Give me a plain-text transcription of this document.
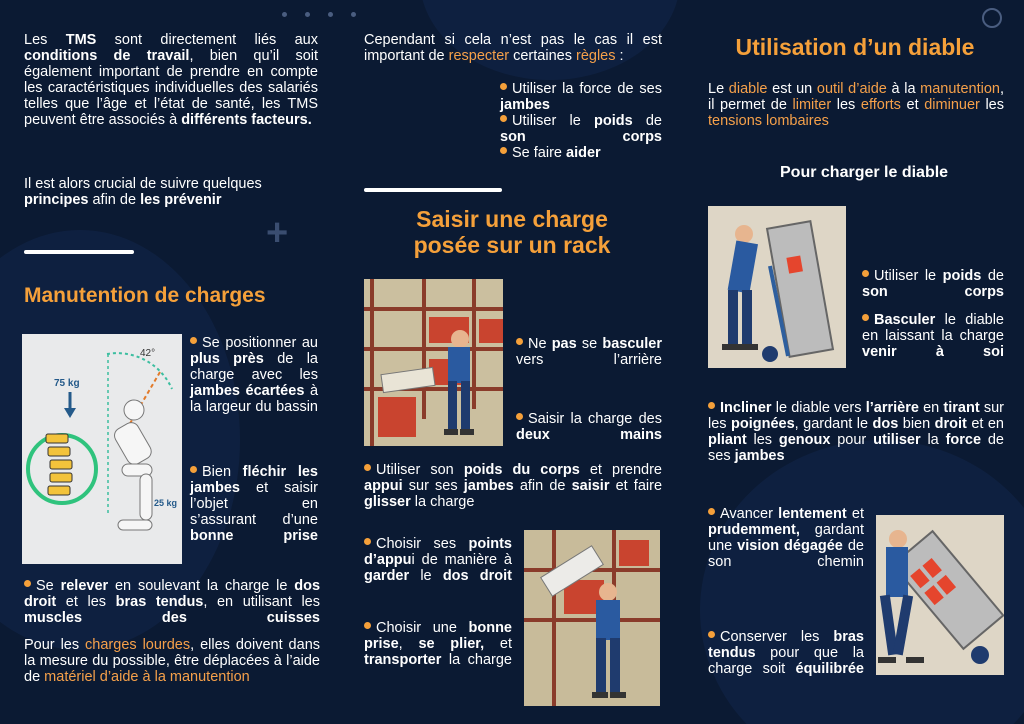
+
Les TMS sont directement liés aux conditions de travail, bien qu’il soit également important de prendre en compte les caractéristiques individuelles des salariés telles que l’âge et l’état de santé, les TMS peuvent être associés à différents facteurs.
Il est alors crucial de suivre quelques principes afin de les prévenir
Manutention de charges
42°
75 kg
25 kg
Se positionner au plus près de la charge avec les jambes écartées à la largeur du bassin
Bien fléchir les jambes et saisir l’objet en s’assurant d’une bonne prise
Se relever en soulevant la charge le dos droit et les bras tendus, en utilisant les muscles des cuisses
Pour les charges lourdes, elles doivent dans la mesure du possible, être déplacées à l’aide de matériel d’aide à la manutention
Cependant si cela n’est pas le cas il est important de respecter certaines règles :
Utiliser la force de ses jambes
Utiliser le poids de son corps
Se faire aider
Saisir une charge
posée sur un rack
Ne pas se basculer vers l’arrière
Saisir la charge des deux mains
Utiliser son poids du corps et prendre appui sur ses jambes afin de saisir et faire glisser la charge
Choisir ses points d’appui de manière à garder le dos droit
Choisir une bonne prise, se plier, et transporter la charge
Utilisation d’un diable
Le diable est un outil d’aide à la manutention, il permet de limiter les efforts et diminuer les tensions lombaires
Pour charger le diable
Utiliser le poids de son corps
Basculer le diable en laissant la charge venir à soi
Incliner le diable vers l’arrière en tirant sur les poignées, gardant le dos bien droit et en pliant les genoux pour utiliser la force de ses jambes
Avancer lentement et prudemment, gardant une vision dégagée de son chemin
Conserver les bras tendus pour que la charge soit équilibrée
